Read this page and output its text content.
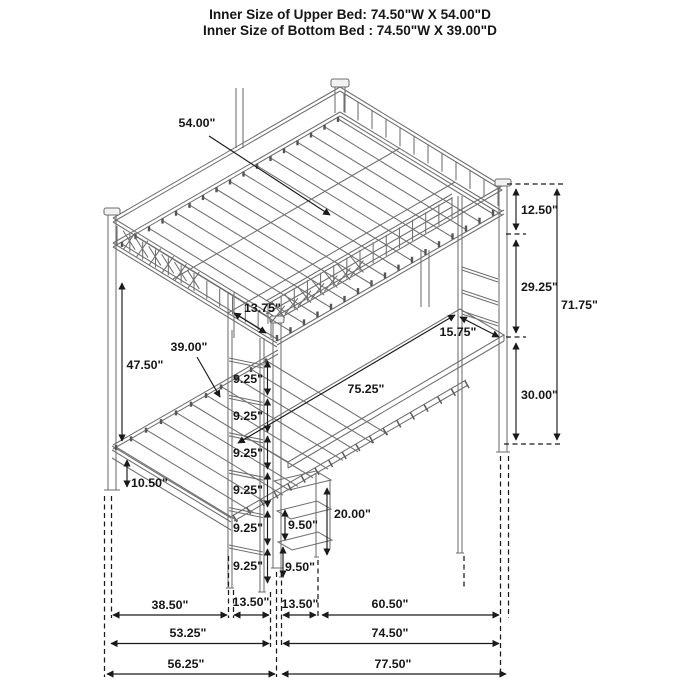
Inner Size of Upper Bed: 74.50"W X 54.00"D
Inner Size of Bottom Bed : 74.50"W X 39.00"D
54.00"
13.75"
47.50"
39.00"
10.50"
75.25"
15.75"
12.50"
29.25"
30.00"
71.75"
20.00"
9.25"
9.25"
9.25"
9.25"
9.25"
9.25"
9.50"
9.50"
38.50"	13.50" 13.50"	60.50"
53.25"	74.50"
56.25"	77.50"
